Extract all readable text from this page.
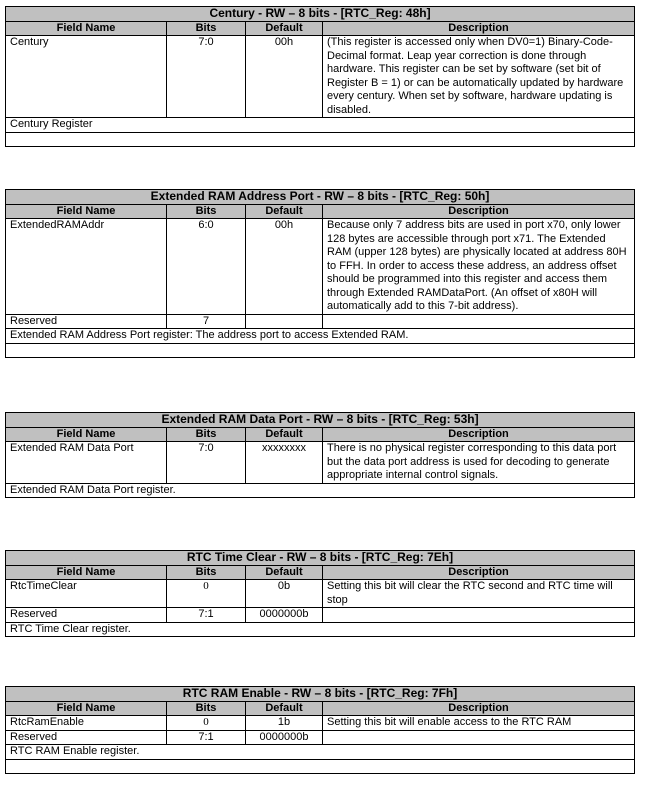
Century - RW – 8 bits - [RTC_Reg: 48h]			
Field Name	Bits	Default	Description
Century	7:0	00h	(This register is accessed only when DV0=1) Binary-Code-Decimal format. Leap year correction is done through hardware. This register can be set by software (set bit of Register B = 1) or can be automatically updated by hardware every century. When set by software, hardware updating is disabled.
Century Register			

Extended RAM Address Port - RW – 8 bits - [RTC_Reg: 50h]			
Field Name	Bits	Default	Description
ExtendedRAMAddr	6:0	00h	Because only 7 address bits are used in port x70, only lower 128 bytes are accessible through port x71. The Extended RAM (upper 128 bytes) are physically located at address 80H to FFH. In order to access these address, an address offset should be programmed into this register and access them through Extended RAMDataPort. (An offset of x80H will automatically add to this 7-bit address).
Reserved	7		
Extended RAM Address Port register: The address port to access Extended RAM.			

Extended RAM Data Port - RW – 8 bits - [RTC_Reg: 53h]			
Field Name	Bits	Default	Description
Extended RAM Data Port	7:0	xxxxxxxx	There is no physical register corresponding to this data port but the data port address is used for decoding to generate appropriate internal control signals.
Extended RAM Data Port register.			
RTC Time Clear - RW – 8 bits - [RTC_Reg: 7Eh]			
Field Name	Bits	Default	Description
RtcTimeClear	0	0b	Setting this bit will clear the RTC second and RTC time will stop
Reserved	7:1	0000000b	
RTC Time Clear register.			
RTC RAM Enable - RW – 8 bits - [RTC_Reg: 7Fh]			
Field Name	Bits	Default	Description
RtcRamEnable	0	1b	Setting this bit will enable access to the RTC RAM
Reserved	7:1	0000000b	
RTC RAM Enable register.			
